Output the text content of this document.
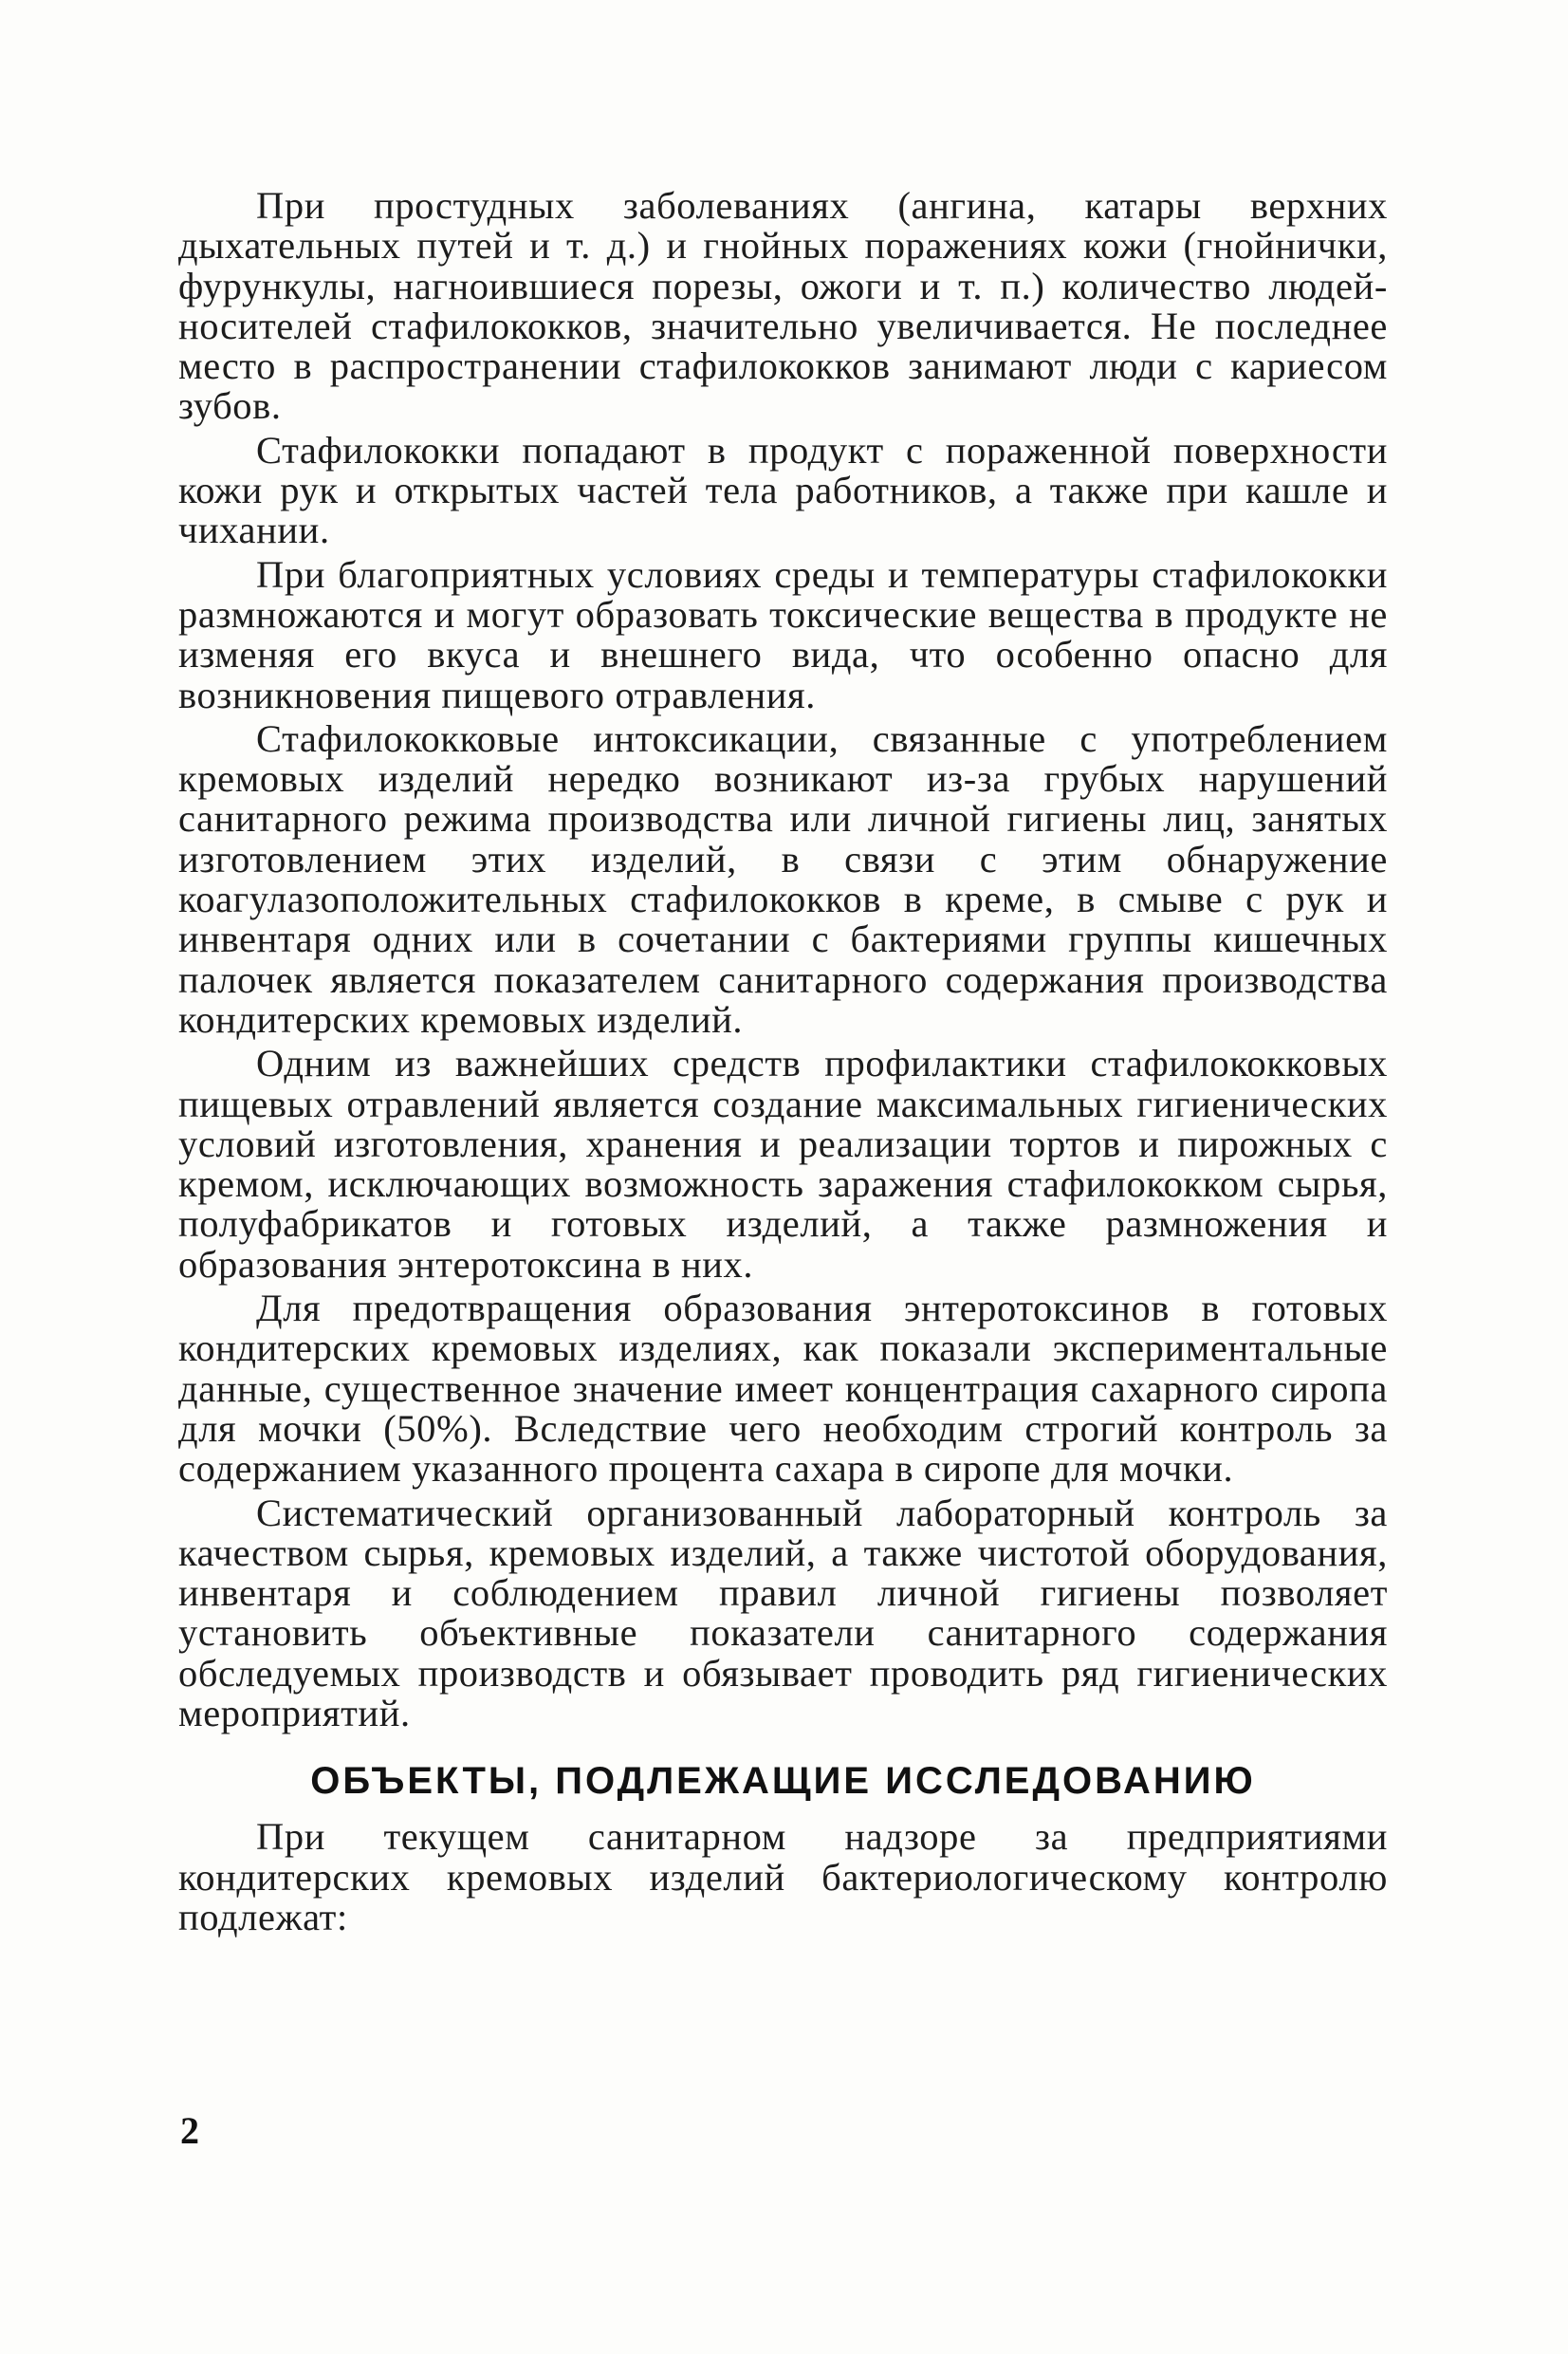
При простудных заболеваниях (ангина, катары верхних дыхательных путей и т. д.) и гнойных поражениях кожи (гнойнички, фурункулы, нагноившиеся порезы, ожоги и т. п.) количество людей-носителей стафилококков, значительно увеличивается. Не последнее место в распространении стафилококков занимают люди с кариесом зубов.

Стафилококки попадают в продукт с пораженной поверхности кожи рук и открытых частей тела работников, а также при кашле и чихании.

При благоприятных условиях среды и температуры стафилококки размножаются и могут образовать токсические вещества в продукте не изменяя его вкуса и внешнего вида, что особенно опасно для возникновения пищевого отравления.

Стафилококковые интоксикации, связанные с употреблением кремовых изделий нередко возникают из-за грубых нарушений санитарного режима производства или личной гигиены лиц, занятых изготовлением этих изделий, в связи с этим обнаружение коагулазоположительных стафилококков в креме, в смыве с рук и инвентаря одних или в сочетании с бактериями группы кишечных палочек является показателем санитарного содержания производства кондитерских кремовых изделий.

Одним из важнейших средств профилактики стафилококковых пищевых отравлений является создание максимальных гигиенических условий изготовления, хранения и реализации тортов и пирожных с кремом, исключающих возможность заражения стафилококком сырья, полуфабрикатов и готовых изделий, а также размножения и образования энтеротоксина в них.

Для предотвращения образования энтеротоксинов в готовых кондитерских кремовых изделиях, как показали экспериментальные данные, существенное значение имеет концентрация сахарного сиропа для мочки (50%). Вследствие чего необходим строгий контроль за содержанием указанного процента сахара в сиропе для мочки.

Систематический организованный лабораторный контроль за качеством сырья, кремовых изделий, а также чистотой оборудования, инвентаря и соблюдением правил личной гигиены позволяет установить объективные показатели санитарного содержания обследуемых производств и обязывает проводить ряд гигиенических мероприятий.

ОБЪЕКТЫ, ПОДЛЕЖАЩИЕ ИССЛЕДОВАНИЮ

При текущем санитарном надзоре за предприятиями кондитерских кремовых изделий бактериологическому контролю подлежат:

2
